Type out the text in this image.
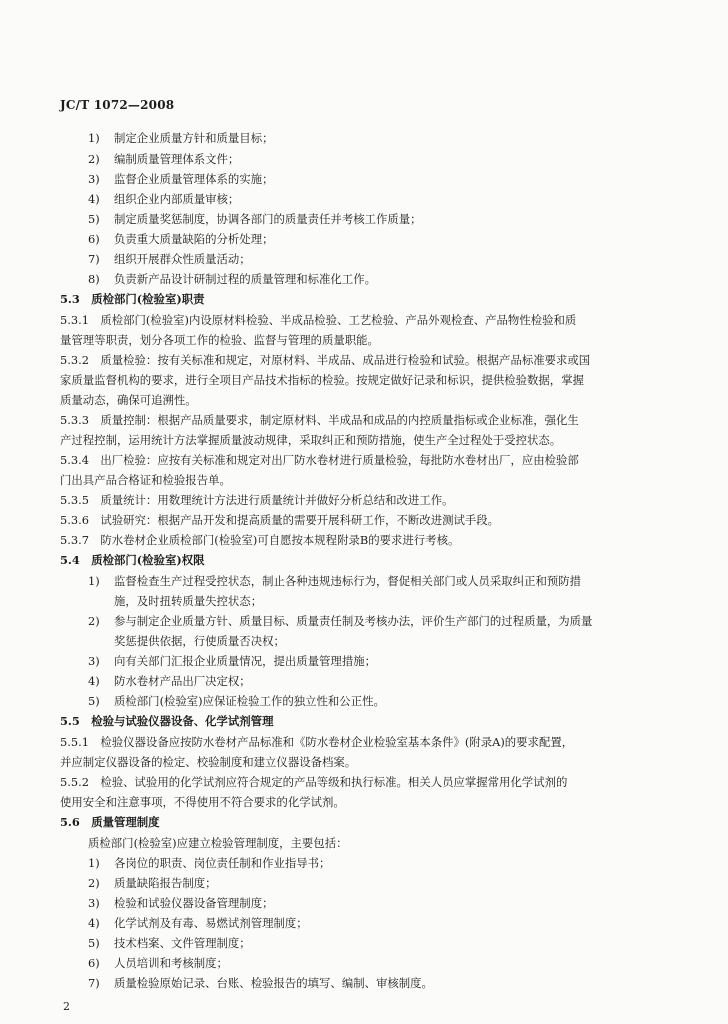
JC/T 1072—2008
1) 制定企业质量方针和质量目标；
2) 编制质量管理体系文件；
3) 监督企业质量管理体系的实施；
4) 组织企业内部质量审核；
5) 制定质量奖惩制度，协调各部门的质量责任并考核工作质量；
6) 负责重大质量缺陷的分析处理；
7) 组织开展群众性质量活动；
8) 负责新产品设计研制过程的质量管理和标准化工作。
5.3　质检部门(检验室)职责
5.3.1　质检部门(检验室)内设原材料检验、半成品检验、工艺检验、产品外观检查、产品物性检验和质
量管理等职责，划分各项工作的检验、监督与管理的质量职能。
5.3.2　质量检验：按有关标准和规定，对原材料、半成品、成品进行检验和试验。根据产品标准要求或国
家质量监督机构的要求，进行全项目产品技术指标的检验。按规定做好记录和标识，提供检验数据，掌握
质量动态，确保可追溯性。
5.3.3　质量控制：根据产品质量要求，制定原材料、半成品和成品的内控质量指标或企业标准，强化生
产过程控制，运用统计方法掌握质量波动规律，采取纠正和预防措施，使生产全过程处于受控状态。
5.3.4　出厂检验：应按有关标准和规定对出厂防水卷材进行质量检验，每批防水卷材出厂，应由检验部
门出具产品合格证和检验报告单。
5.3.5　质量统计：用数理统计方法进行质量统计并做好分析总结和改进工作。
5.3.6　试验研究：根据产品开发和提高质量的需要开展科研工作，不断改进测试手段。
5.3.7　防水卷材企业质检部门(检验室)可自愿按本规程附录B的要求进行考核。
5.4　质检部门(检验室)权限
1) 监督检查生产过程受控状态，制止各种违规违标行为，督促相关部门或人员采取纠正和预防措
施，及时扭转质量失控状态；
2) 参与制定企业质量方针、质量目标、质量责任制及考核办法，评价生产部门的过程质量，为质量
奖惩提供依据，行使质量否决权；
3) 向有关部门汇报企业质量情况，提出质量管理措施；
4) 防水卷材产品出厂决定权；
5) 质检部门(检验室)应保证检验工作的独立性和公正性。
5.5　检验与试验仪器设备、化学试剂管理
5.5.1　检验仪器设备应按防水卷材产品标准和《防水卷材企业检验室基本条件》(附录A)的要求配置，
并应制定仪器设备的检定、校验制度和建立仪器设备档案。
5.5.2　检验、试验用的化学试剂应符合规定的产品等级和执行标准。相关人员应掌握常用化学试剂的
使用安全和注意事项，不得使用不符合要求的化学试剂。
5.6　质量管理制度
质检部门(检验室)应建立检验管理制度，主要包括：
1) 各岗位的职责、岗位责任制和作业指导书；
2) 质量缺陷报告制度；
3) 检验和试验仪器设备管理制度；
4) 化学试剂及有毒、易燃试剂管理制度；
5) 技术档案、文件管理制度；
6) 人员培训和考核制度；
7) 质量检验原始记录、台账、检验报告的填写、编制、审核制度。
2
